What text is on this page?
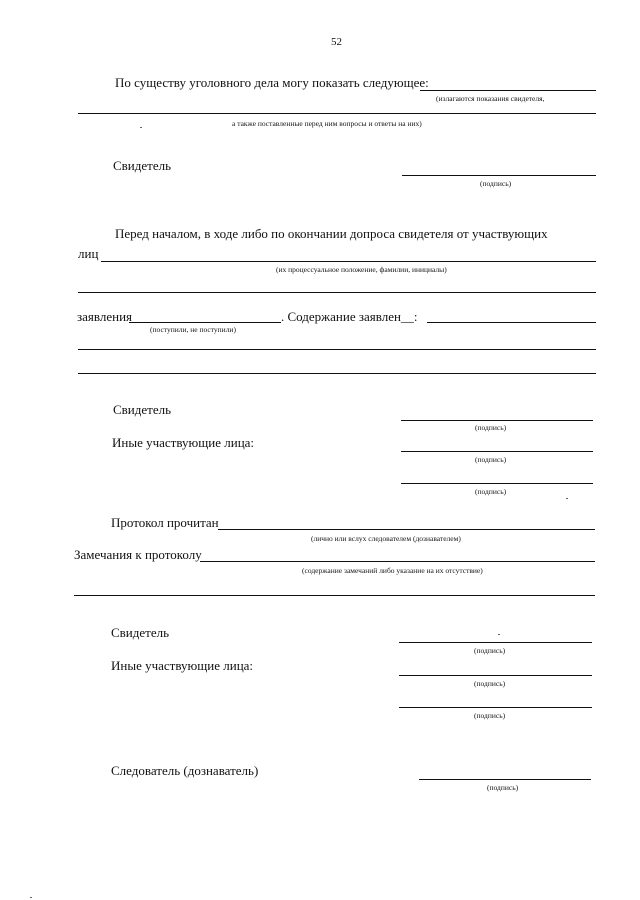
52
По существу уголовного дела могу показать следующее:
(излагаются показания свидетеля,
а также поставленные перед ним вопросы и ответы на них)
Свидетель
(подпись)
Перед началом, в ходе либо по окончании допроса свидетеля от участвующих
лиц
(их процессуальное положение, фамилии, инициалы)
заявления	. Содержание заявлен__:
(поступили, не поступили)
Свидетель
(подпись)
Иные участвующие лица:
(подпись)
(подпись)
Протокол прочитан
(лично или вслух следователем (дознавателем)
Замечания к протоколу
(содержание замечаний либо указание на их отсутствие)
Свидетель
(подпись)
Иные участвующие лица:
(подпись)
(подпись)
Следователь (дознаватель)
(подпись)
